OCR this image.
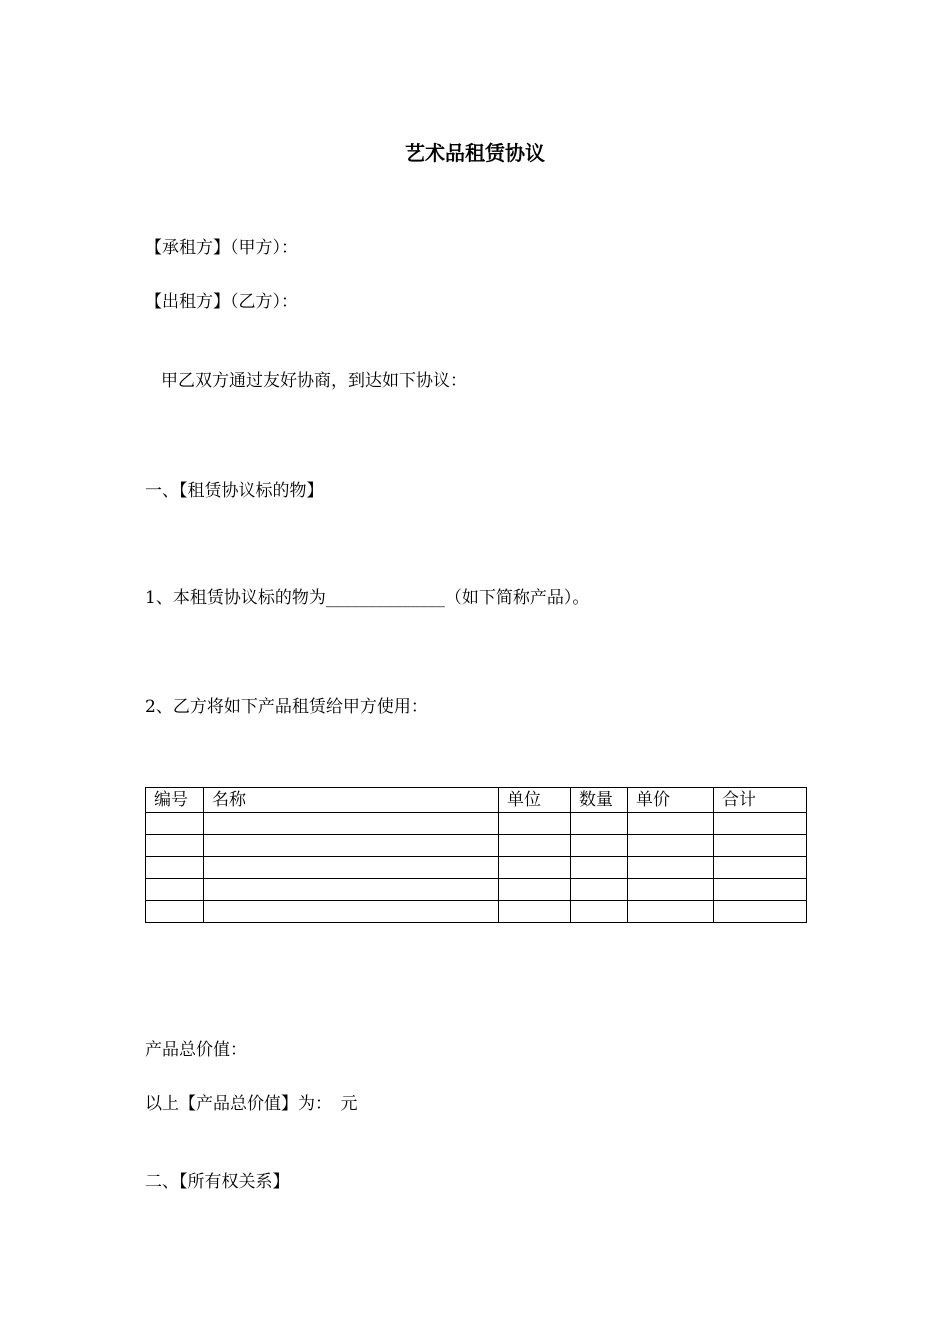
艺术品租赁协议
【承租方】（甲方）：
【出租方】（乙方）：
甲乙双方通过友好协商，到达如下协议：
一、【租赁协议标的物】
1、本租赁协议标的物为______________（如下简称产品）。
2、乙方将如下产品租赁给甲方使用：
编号	名称	单位	数量	单价	合计

产品总价值：
以上【产品总价值】为：　元
二、【所有权关系】
